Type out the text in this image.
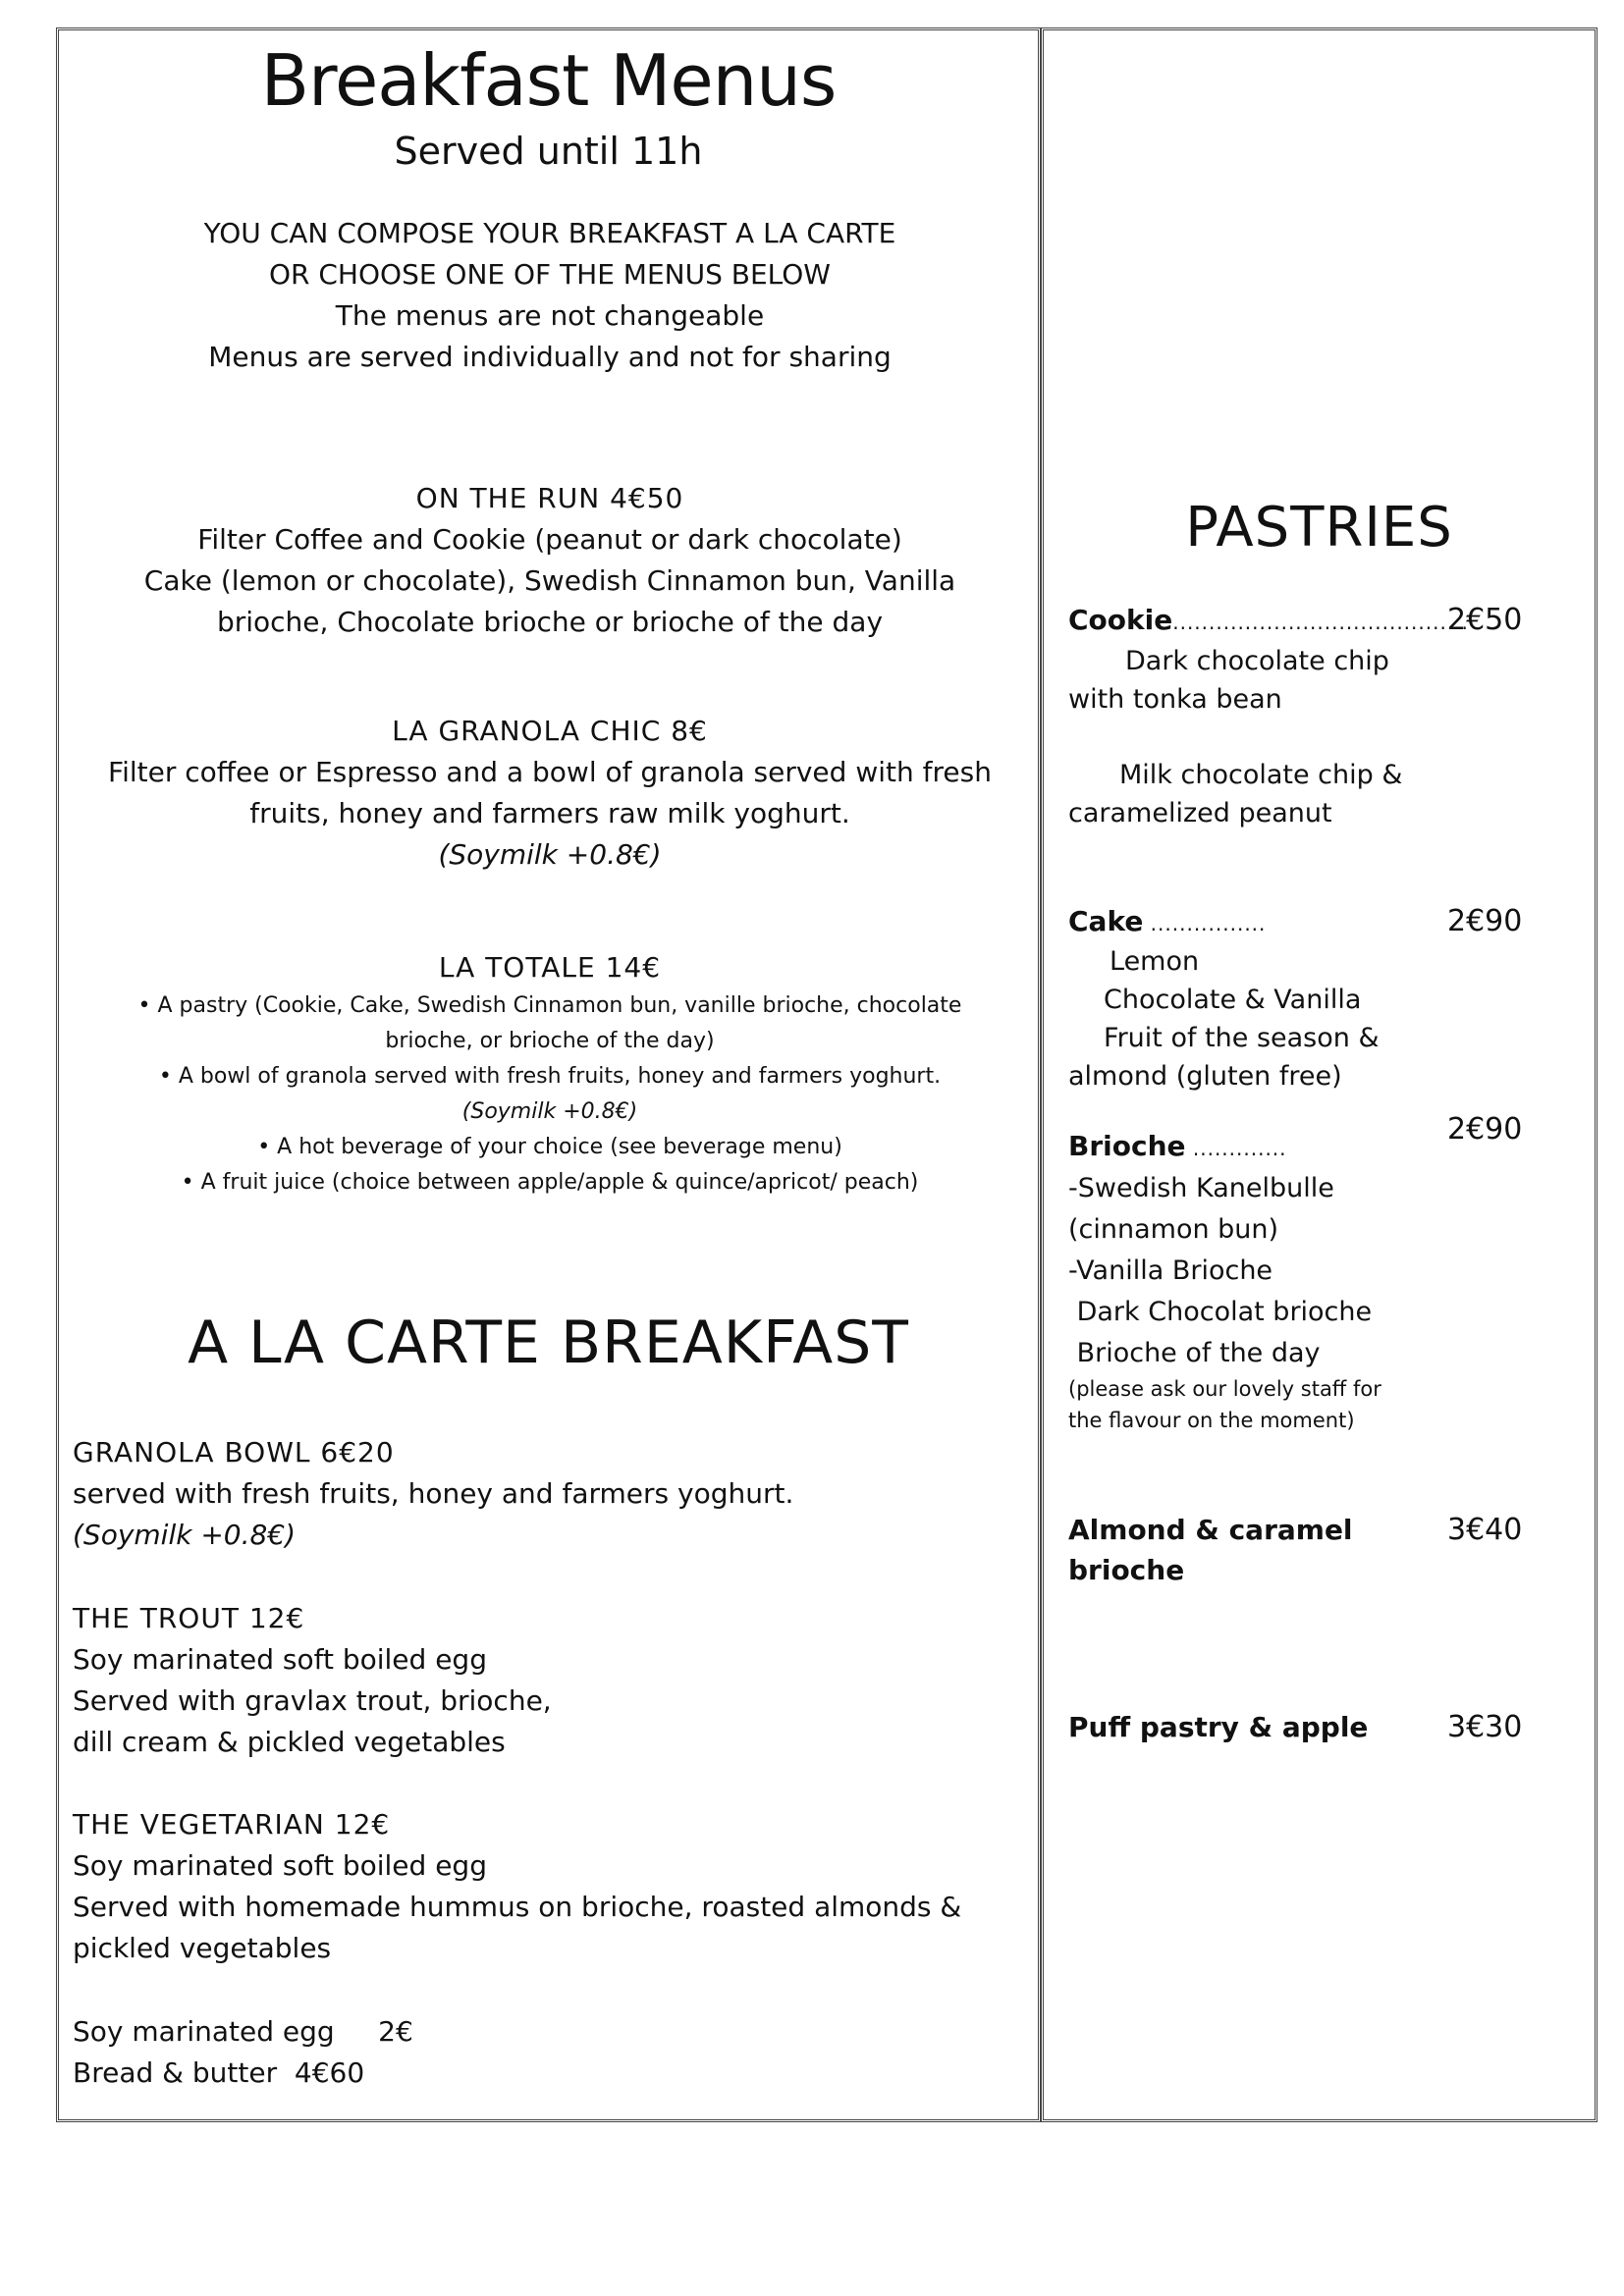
Breakfast Menus
Served until 11h
YOU CAN COMPOSE YOUR BREAKFAST A LA CARTE
OR CHOOSE ONE OF THE MENUS BELOW
The menus are not changeable
Menus are served individually and not for sharing
ON THE RUN 4€50
Filter Coffee and Cookie (peanut or dark chocolate)
Cake (lemon or chocolate), Swedish Cinnamon bun, Vanilla
brioche, Chocolate brioche or brioche of the day
LA GRANOLA CHIC 8€
Filter coffee or Espresso and a bowl of granola served with fresh
fruits, honey and farmers raw milk yoghurt.
(Soymilk +0.8€)
LA TOTALE 14€
• A pastry (Cookie, Cake, Swedish Cinnamon bun, vanille brioche, chocolate
brioche, or brioche of the day)
• A bowl of granola served with fresh fruits, honey and farmers yoghurt.
(Soymilk +0.8€)
• A hot beverage of your choice (see beverage menu)
• A fruit juice (choice between apple/apple & quince/apricot/ peach)
A LA CARTE BREAKFAST
GRANOLA BOWL 6€20
served with fresh fruits, honey and farmers yoghurt.
(Soymilk +0.8€)
THE TROUT 12€
Soy marinated soft boiled egg
Served with gravlax trout, brioche,
dill cream & pickled vegetables
THE VEGETARIAN 12€
Soy marinated soft boiled egg
Served with homemade hummus on brioche, roasted almonds &
pickled vegetables
Soy marinated egg     2€
Bread & butter  4€60
PASTRIES
Cookie.........................................
2€50
Dark chocolate chip
with tonka bean
Milk chocolate chip &
caramelized peanut
Cake ................	2€90
Lemon
Chocolate & Vanilla
Fruit of the season &
almond (gluten free)
2€90
Brioche .............
-Swedish Kanelbulle
(cinnamon bun)
-Vanilla Brioche
Dark Chocolat brioche
Brioche of the day
(please ask our lovely staff for
the flavour on the moment)
Almond & caramel
brioche
3€40
Puff pastry & apple	3€30
